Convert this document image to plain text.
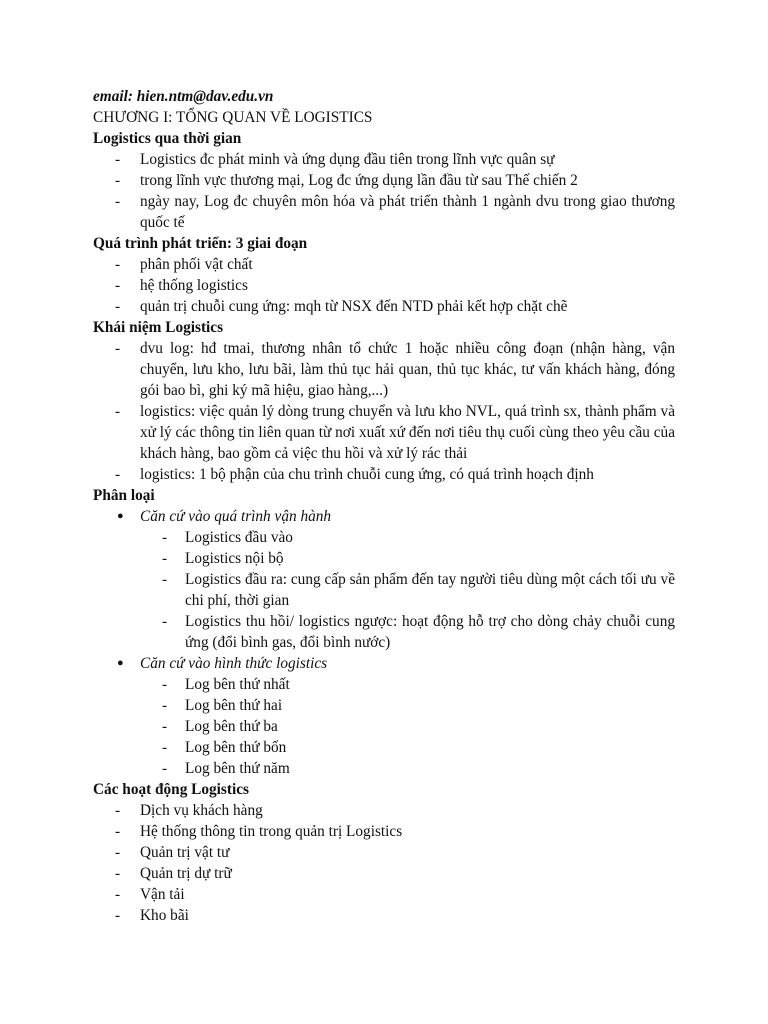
email: hien.ntm@dav.edu.vn
CHƯƠNG I: TỔNG QUAN VỀ LOGISTICS
Logistics qua thời gian
- Logistics đc phát minh và ứng dụng đầu tiên trong lĩnh vực quân sự
- trong lĩnh vực thương mại, Log đc ứng dụng lần đầu từ sau Thế chiến 2
- ngày nay, Log đc chuyên môn hóa và phát triển thành 1 ngành dvu trong giao thương quốc tế
Quá trình phát triển: 3 giai đoạn
- phân phối vật chất
- hệ thống logistics
- quản trị chuỗi cung ứng: mqh từ NSX đến NTD phải kết hợp chặt chẽ
Khái niệm Logistics
- dvu log: hđ tmai, thương nhân tổ chức 1 hoặc nhiều công đoạn (nhận hàng, vận chuyển, lưu kho, lưu bãi, làm thủ tục hải quan, thủ tục khác, tư vấn khách hàng, đóng gói bao bì, ghi ký mã hiệu, giao hàng,...)
- logistics: việc quản lý dòng trung chuyển và lưu kho NVL, quá trình sx, thành phẩm và xử lý các thông tin liên quan từ nơi xuất xứ đến nơi tiêu thụ cuối cùng theo yêu cầu của khách hàng, bao gồm cả việc thu hồi và xử lý rác thải
- logistics: 1 bộ phận của chu trình chuỗi cung ứng, có quá trình hoạch định
Phân loại
● Căn cứ vào quá trình vận hành
- Logistics đầu vào
- Logistics nội bộ
- Logistics đầu ra: cung cấp sản phẩm đến tay người tiêu dùng một cách tối ưu về chi phí, thời gian
- Logistics thu hồi/ logistics ngược: hoạt động hỗ trợ cho dòng chảy chuỗi cung ứng (đổi bình gas, đổi bình nước)
● Căn cứ vào hình thức logistics
- Log bên thứ nhất
- Log bên thứ hai
- Log bên thứ ba
- Log bên thứ bốn
- Log bên thứ năm
Các hoạt động Logistics
- Dịch vụ khách hàng
- Hệ thống thông tin trong quản trị Logistics
- Quản trị vật tư
- Quản trị dự trữ
- Vận tải
- Kho bãi
